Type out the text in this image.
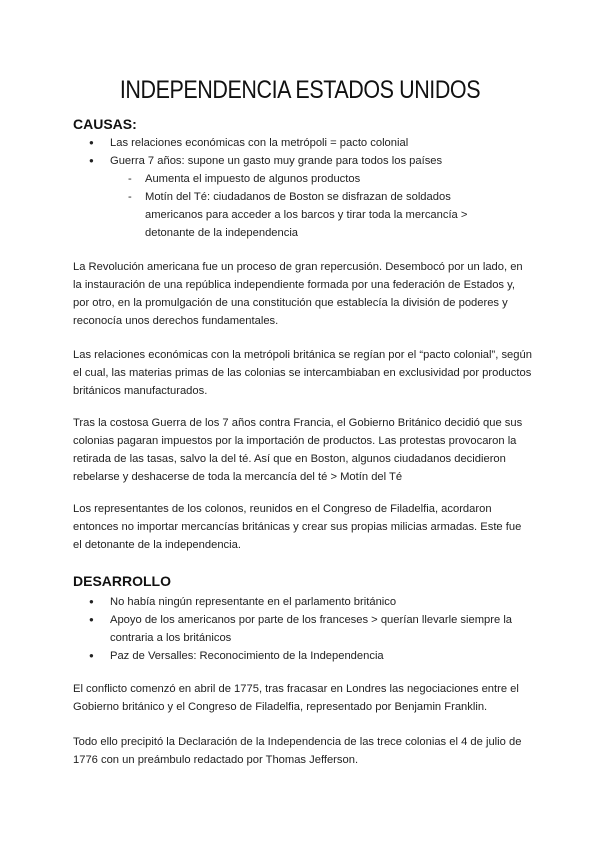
INDEPENDENCIA ESTADOS UNIDOS
CAUSAS:
● Las relaciones económicas con la metrópoli = pacto colonial
● Guerra 7 años: supone un gasto muy grande para todos los países
- Aumenta el impuesto de algunos productos
- Motín del Té: ciudadanos de Boston se disfrazan de soldados americanos para acceder a los barcos y tirar toda la mercancía > detonante de la independencia

La Revolución americana fue un proceso de gran repercusión. Desembocó por un lado, en la instauración de una república independiente formada por una federación de Estados y, por otro, en la promulgación de una constitución que establecía la división de poderes y reconocía unos derechos fundamentales.

Las relaciones económicas con la metrópoli británica se regían por el “pacto colonial”, según el cual, las materias primas de las colonias se intercambiaban en exclusividad por productos británicos manufacturados.

Tras la costosa Guerra de los 7 años contra Francia, el Gobierno Británico decidió que sus colonias pagaran impuestos por la importación de productos. Las protestas provocaron la retirada de las tasas, salvo la del té. Así que en Boston, algunos ciudadanos decidieron rebelarse y deshacerse de toda la mercancía del té > Motín del Té

Los representantes de los colonos, reunidos en el Congreso de Filadelfia, acordaron entonces no importar mercancías británicas y crear sus propias milicias armadas. Este fue el detonante de la independencia.

DESARROLLO
● No había ningún representante en el parlamento británico
● Apoyo de los americanos por parte de los franceses > querían llevarle siempre la contraria a los británicos
● Paz de Versalles: Reconocimiento de la Independencia

El conflicto comenzó en abril de 1775, tras fracasar en Londres las negociaciones entre el Gobierno británico y el Congreso de Filadelfia, representado por Benjamin Franklin.

Todo ello precipitó la Declaración de la Independencia de las trece colonias el 4 de julio de 1776 con un preámbulo redactado por Thomas Jefferson.
